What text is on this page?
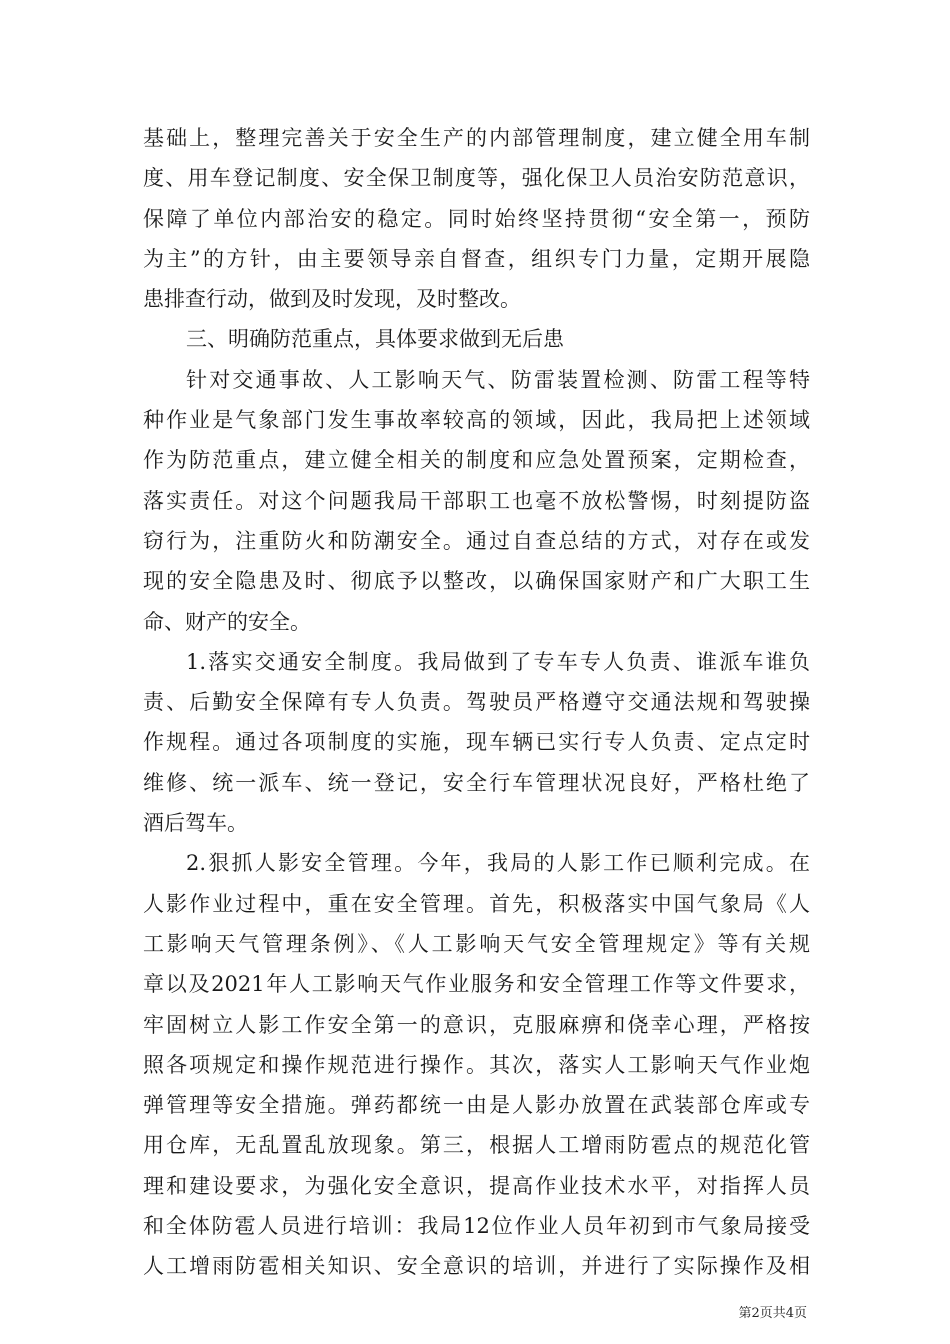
基础上，整理完善关于安全生产的内部管理制度，建立健全用车制
度、用车登记制度、安全保卫制度等，强化保卫人员治安防范意识，
保障了单位内部治安的稳定。同时始终坚持贯彻“安全第一，预防
为主”的方针，由主要领导亲自督查，组织专门力量，定期开展隐
患排查行动，做到及时发现，及时整改。
三、明确防范重点，具体要求做到无后患
针对交通事故、人工影响天气、防雷装置检测、防雷工程等特
种作业是气象部门发生事故率较高的领域，因此，我局把上述领域
作为防范重点，建立健全相关的制度和应急处置预案，定期检查，
落实责任。对这个问题我局干部职工也毫不放松警惕，时刻提防盗
窃行为，注重防火和防潮安全。通过自查总结的方式，对存在或发
现的安全隐患及时、彻底予以整改，以确保国家财产和广大职工生
命、财产的安全。
1.落实交通安全制度。我局做到了专车专人负责、谁派车谁负
责、后勤安全保障有专人负责。驾驶员严格遵守交通法规和驾驶操
作规程。通过各项制度的实施，现车辆已实行专人负责、定点定时
维修、统一派车、统一登记，安全行车管理状况良好，严格杜绝了
酒后驾车。
2.狠抓人影安全管理。今年，我局的人影工作已顺利完成。在
人影作业过程中，重在安全管理。首先，积极落实中国气象局《人
工影响天气管理条例》、《人工影响天气安全管理规定》等有关规
章以及2021年人工影响天气作业服务和安全管理工作等文件要求，
牢固树立人影工作安全第一的意识，克服麻痹和侥幸心理，严格按
照各项规定和操作规范进行操作。其次，落实人工影响天气作业炮
弹管理等安全措施。弹药都统一由是人影办放置在武装部仓库或专
用仓库，无乱置乱放现象。第三，根据人工增雨防雹点的规范化管
理和建设要求，为强化安全意识，提高作业技术水平，对指挥人员
和全体防雹人员进行培训：我局12位作业人员年初到市气象局接受
人工增雨防雹相关知识、安全意识的培训，并进行了实际操作及相
第2页共4页
